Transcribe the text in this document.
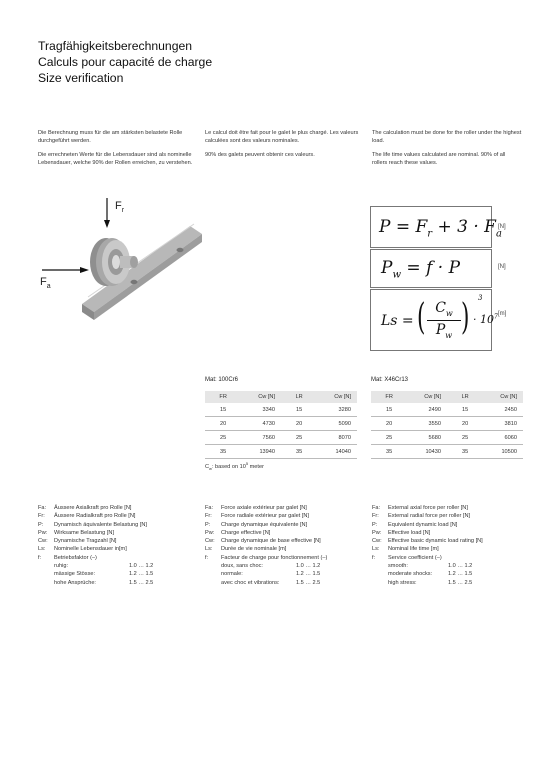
Tragfähigkeitsberechnungen
Calculs pour capacité de charge
Size verification

Die Berechnung muss für die am stärksten belastete Rolle durchgeführt werden.

Die errechneten Werte für die Lebensdauer sind als nominelle Lebensdauer, welche 90% der Rollen erreichen, zu verstehen.

Le calcul doit être fait pour le galet le plus chargé. Les valeurs calculées sont des valeurs nominales.

90% des galets peuvent obtenir ces valeurs.

The calculation must be done for the roller under the highest load.

The life time values calculated are nominal. 90% of all rollers reach these values.

$F_r$
$F_a$
$P = F_r + 3 \cdot F_a$
[N]
$P_w = f \cdot P$	[N]
Ls = ( $C_w$
$P_w$ ) 3
· $10^7$ [m]
Mat: 100Cr6
FR	Cw [N]	LR	Cw [N]
15	3340	15	3280
20	4730	20	5090
25	7560	25	8070
35	13940	35	14040
Mat: X46Cr13
FR	Cw [N]	LR	Cw [N]
15	2490	15	2450
20	3550	20	3810
25	5680	25	6060
35	10430	35	10500
$C_w$: based on $10^5$ meter
Fa:	Äussere Axialkraft pro Rolle [N]
Fr:	Äussere Radialkraft pro Rolle [N]
P:	Dynamisch äquivalente Belastung [N]
Pw:	Wirksame Belastung [N]
Cw:	Dynamische Tragzahl [N]
Ls:	Nominelle Lebensdauer in[m]
f:	Betriebsfaktor (–)
ruhig:	1.0 … 1.2
mässige Stösse:	1.2 … 1.5
hohe Ansprüche:	1.5 … 2.5
Fa:	Force axiale extérieur par galet [N]
Fr:	Force radiale extérieur par galet [N]
P:	Charge dynamique équivalente [N]
Pw:	Charge effective [N]
Cw:	Charge dynamique de base effective [N]
Ls:	Durée de vie nominale [m]
f:	Facteur de charge pour fonctionnement (–)
doux, sans choc:	1.0 … 1.2
normale:	1.2 … 1.5
avec choc et vibrations:	1.5 … 2.5
Fa:	External axial force per roller [N]
Fr:	External radial force per roller [N]
P:	Equivalent dynamic load [N]
Pw:	Effective load [N]
Cw:	Effective basic dynamic load rating [N]
Ls:	Nominal life time [m]
f:	Service coefficient (–)
smooth:	1.0 … 1.2
moderate shocks:	1.2 … 1.5
high stress:	1.5 … 2.5
